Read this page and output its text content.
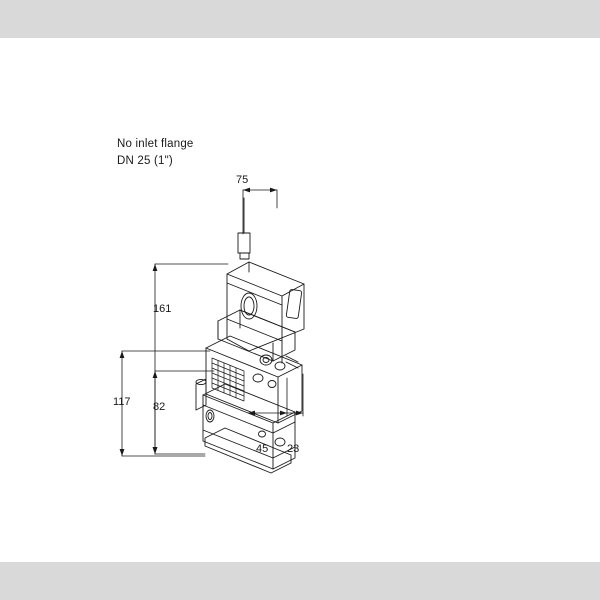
75
161
117 82
45 23
No inlet flange
DN 25 (1")
